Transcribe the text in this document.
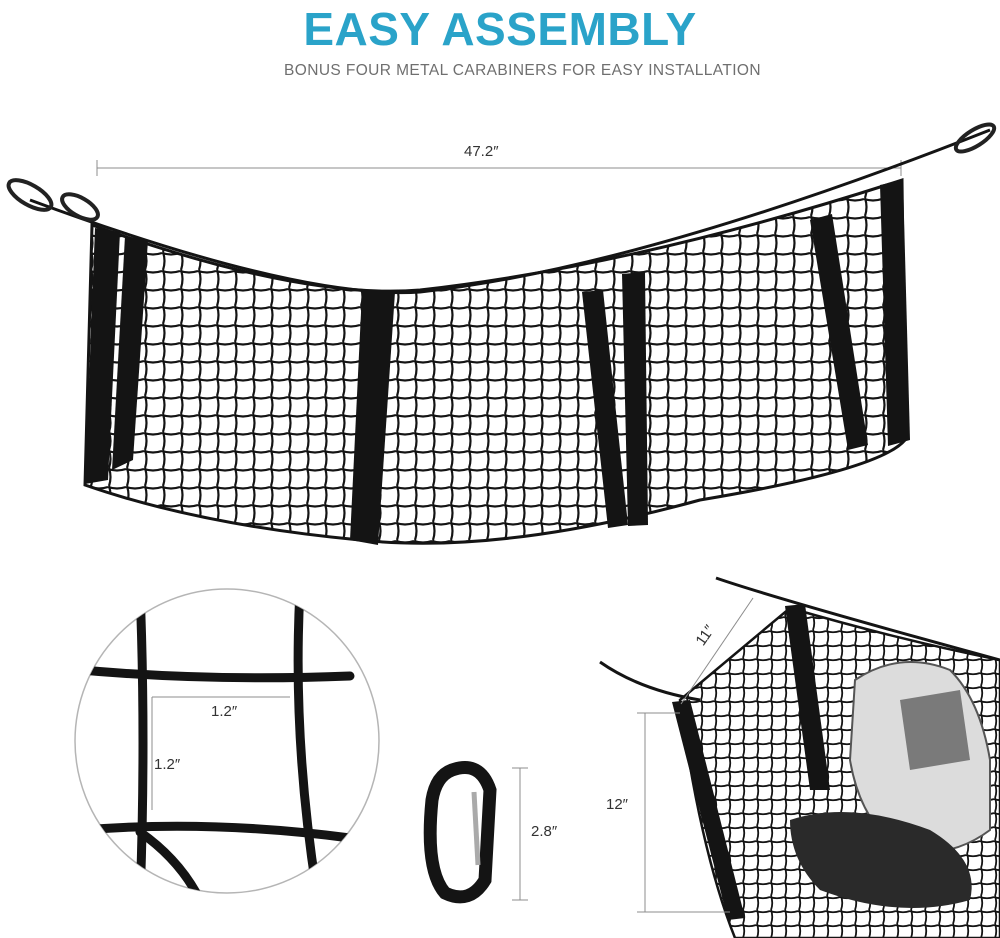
EASY ASSEMBLY
BONUS FOUR METAL CARABINERS FOR EASY INSTALLATION
47.2″
1.2″
1.2″
2.8″
11″
12″
